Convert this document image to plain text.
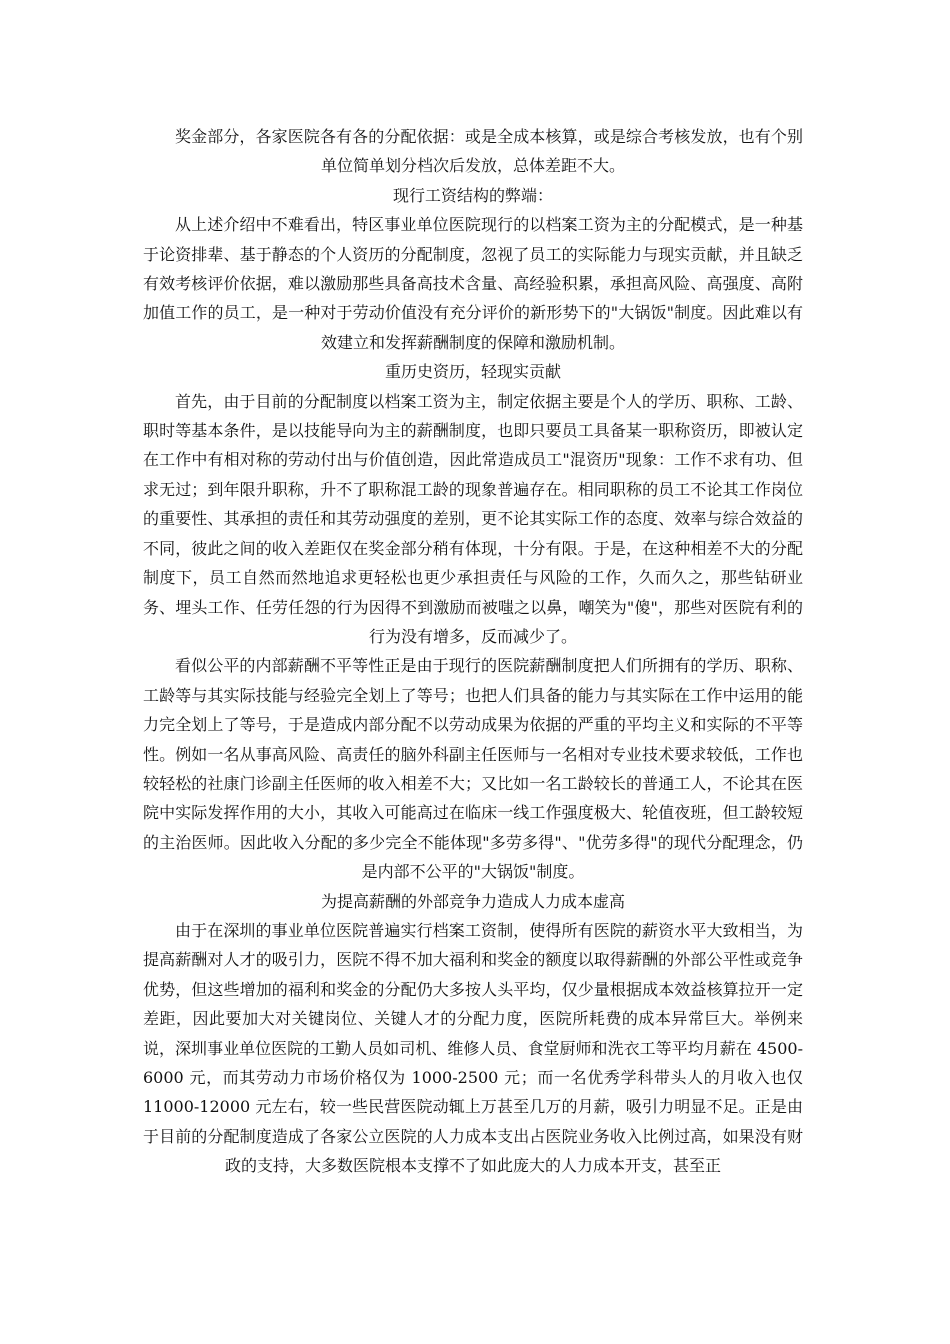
奖金部分，各家医院各有各的分配依据：或是全成本核算，或是综合考核发放，也有个别单位简单划分档次后发放，总体差距不大。

现行工资结构的弊端：

从上述介绍中不难看出，特区事业单位医院现行的以档案工资为主的分配模式，是一种基于论资排辈、基于静态的个人资历的分配制度，忽视了员工的实际能力与现实贡献，并且缺乏有效考核评价依据，难以激励那些具备高技术含量、高经验积累，承担高风险、高强度、高附加值工作的员工，是一种对于劳动价值没有充分评价的新形势下的"大锅饭"制度。因此难以有效建立和发挥薪酬制度的保障和激励机制。

重历史资历，轻现实贡献

首先，由于目前的分配制度以档案工资为主，制定依据主要是个人的学历、职称、工龄、职时等基本条件，是以技能导向为主的薪酬制度，也即只要员工具备某一职称资历，即被认定在工作中有相对称的劳动付出与价值创造，因此常造成员工"混资历"现象：工作不求有功、但求无过；到年限升职称，升不了职称混工龄的现象普遍存在。相同职称的员工不论其工作岗位的重要性、其承担的责任和其劳动强度的差别，更不论其实际工作的态度、效率与综合效益的不同，彼此之间的收入差距仅在奖金部分稍有体现，十分有限。于是，在这种相差不大的分配制度下，员工自然而然地追求更轻松也更少承担责任与风险的工作，久而久之，那些钻研业务、埋头工作、任劳任怨的行为因得不到激励而被嗤之以鼻，嘲笑为"傻"，那些对医院有利的行为没有增多，反而减少了。

看似公平的内部薪酬不平等性正是由于现行的医院薪酬制度把人们所拥有的学历、职称、工龄等与其实际技能与经验完全划上了等号；也把人们具备的能力与其实际在工作中运用的能力完全划上了等号，于是造成内部分配不以劳动成果为依据的严重的平均主义和实际的不平等性。例如一名从事高风险、高责任的脑外科副主任医师与一名相对专业技术要求较低，工作也较轻松的社康门诊副主任医师的收入相差不大；又比如一名工龄较长的普通工人，不论其在医院中实际发挥作用的大小，其收入可能高过在临床一线工作强度极大、轮值夜班，但工龄较短的主治医师。因此收入分配的多少完全不能体现"多劳多得"、"优劳多得"的现代分配理念，仍是内部不公平的"大锅饭"制度。

为提高薪酬的外部竞争力造成人力成本虚高

由于在深圳的事业单位医院普遍实行档案工资制，使得所有医院的薪资水平大致相当，为提高薪酬对人才的吸引力，医院不得不加大福利和奖金的额度以取得薪酬的外部公平性或竞争优势，但这些增加的福利和奖金的分配仍大多按人头平均，仅少量根据成本效益核算拉开一定差距，因此要加大对关键岗位、关键人才的分配力度，医院所耗费的成本异常巨大。举例来说，深圳事业单位医院的工勤人员如司机、维修人员、食堂厨师和洗衣工等平均月薪在 4500-6000 元，而其劳动力市场价格仅为 1000-2500 元；而一名优秀学科带头人的月收入也仅 11000-12000 元左右，较一些民营医院动辄上万甚至几万的月薪，吸引力明显不足。正是由于目前的分配制度造成了各家公立医院的人力成本支出占医院业务收入比例过高，如果没有财政的支持，大多数医院根本支撑不了如此庞大的人力成本开支，甚至正
